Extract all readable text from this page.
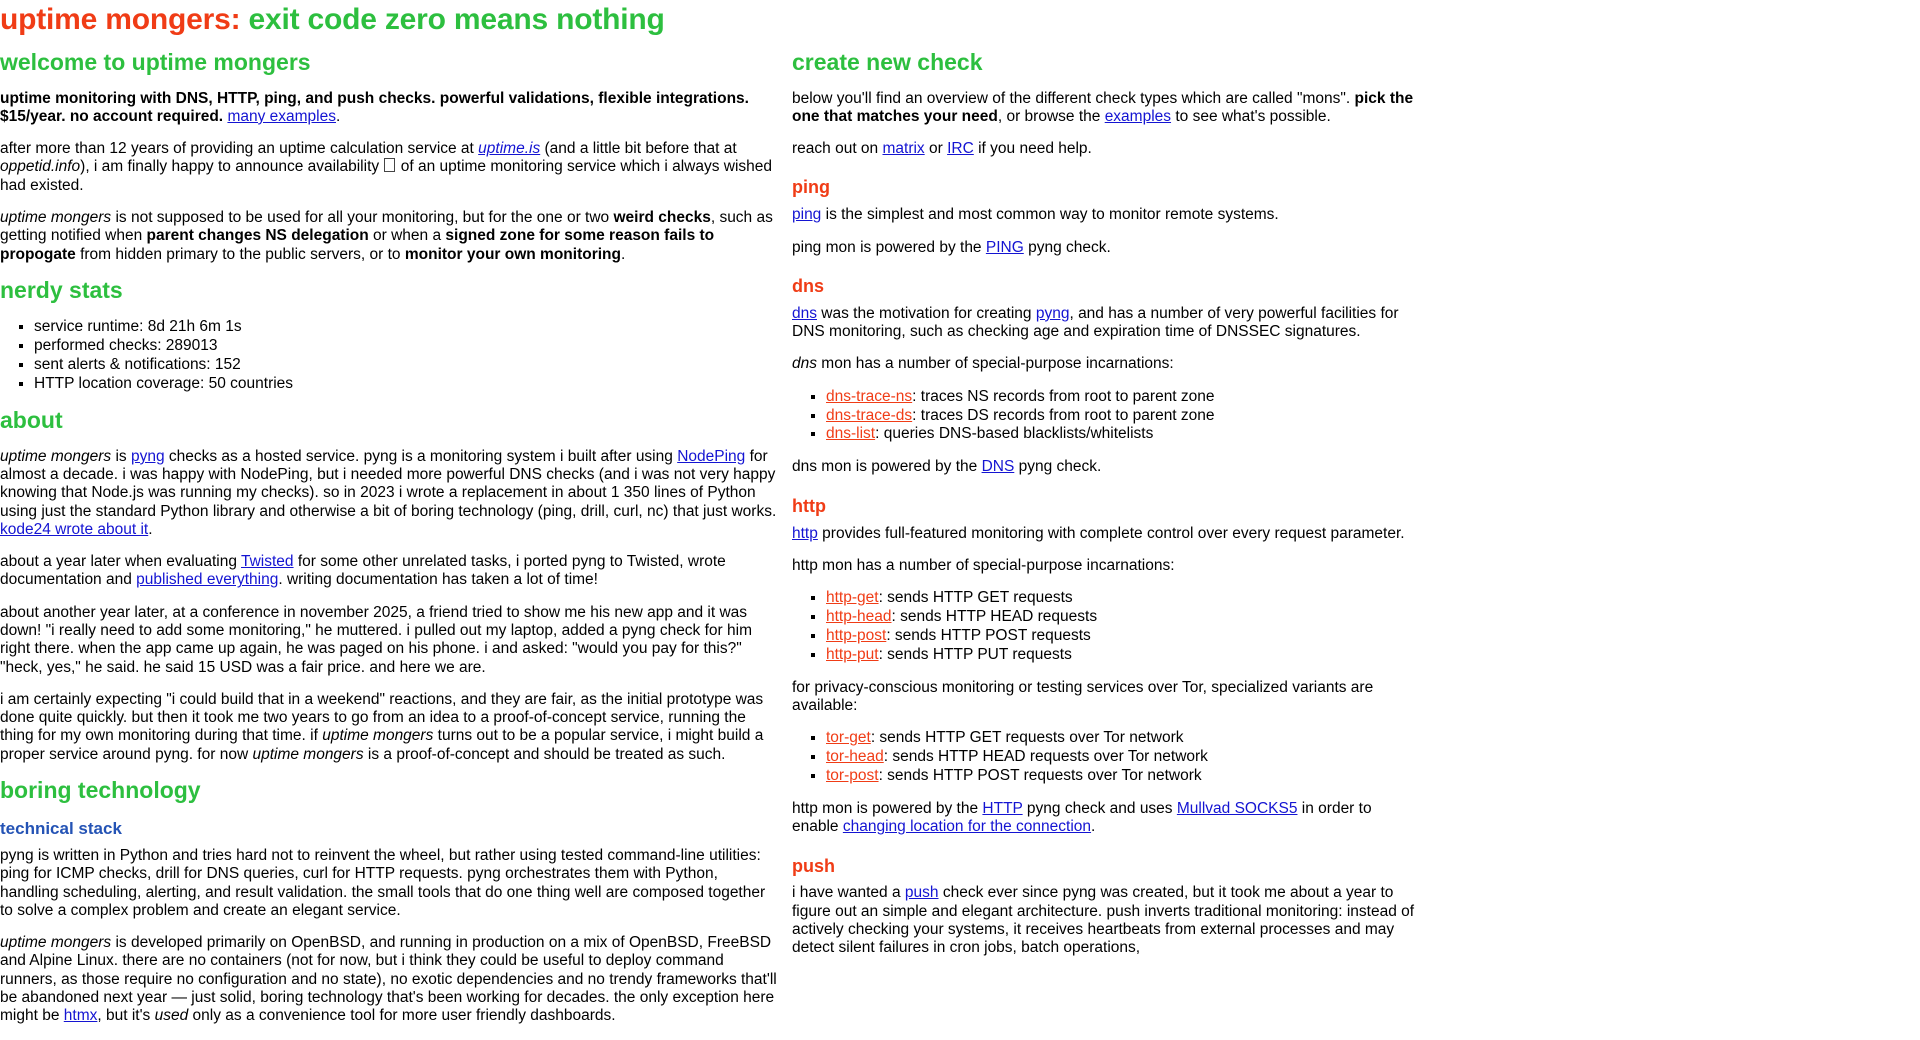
uptime mongers: exit code zero means nothing
welcome to uptime mongers

uptime monitoring with DNS, HTTP, ping, and push checks. powerful validations, flexible integrations. $15/year. no account required. many examples.

after more than 12 years of providing an uptime calculation service at uptime.is (and a little bit before that at oppetid.info), i am finally happy to announce availability  of an uptime monitoring service which i always wished had existed.

uptime mongers is not supposed to be used for all your monitoring, but for the one or two weird checks, such as getting notified when parent changes NS delegation or when a signed zone for some reason fails to propogate from hidden primary to the public servers, or to monitor your own monitoring.

nerdy stats
▪ service runtime: 8d 21h 6m 1s
▪ performed checks: 289013
▪ sent alerts & notifications: 152
▪ HTTP location coverage: 50 countries
about

uptime mongers is pyng checks as a hosted service. pyng is a monitoring system i built after using NodePing for almost a decade. i was happy with NodePing, but i needed more powerful DNS checks (and i was not very happy knowing that Node.js was running my checks). so in 2023 i wrote a replacement in about 1 350 lines of Python using just the standard Python library and otherwise a bit of boring technology (ping, drill, curl, nc) that just works. kode24 wrote about it.

about a year later when evaluating Twisted for some other unrelated tasks, i ported pyng to Twisted, wrote documentation and published everything. writing documentation has taken a lot of time!

about another year later, at a conference in november 2025, a friend tried to show me his new app and it was down! "i really need to add some monitoring," he muttered. i pulled out my laptop, added a pyng check for him right there. when the app came up again, he was paged on his phone. i and asked: "would you pay for this?" "heck, yes," he said. he said 15 USD was a fair price. and here we are.

i am certainly expecting "i could build that in a weekend" reactions, and they are fair, as the initial prototype was done quite quickly. but then it took me two years to go from an idea to a proof-of-concept service, running the thing for my own monitoring during that time. if uptime mongers turns out to be a popular service, i might build a proper service around pyng. for now uptime mongers is a proof-of-concept and should be treated as such.

boring technology
technical stack

pyng is written in Python and tries hard not to reinvent the wheel, but rather using tested command-line utilities: ping for ICMP checks, drill for DNS queries, curl for HTTP requests. pyng orchestrates them with Python, handling scheduling, alerting, and result validation. the small tools that do one thing well are composed together to solve a complex problem and create an elegant service.

uptime mongers is developed primarily on OpenBSD, and running in production on a mix of OpenBSD, FreeBSD and Alpine Linux. there are no containers (not for now, but i think they could be useful to deploy command runners, as those require no configuration and no state), no exotic dependencies and no trendy frameworks that'll be abandoned next year — just solid, boring technology that's been working for decades. the only exception here might be htmx, but it's used only as a convenience tool for more user friendly dashboards.

create new check

below you'll find an overview of the different check types which are called "mons". pick the one that matches your need, or browse the examples to see what's possible.

reach out on matrix or IRC if you need help.

ping

ping is the simplest and most common way to monitor remote systems.

ping mon is powered by the PING pyng check.

dns

dns was the motivation for creating pyng, and has a number of very powerful facilities for DNS monitoring, such as checking age and expiration time of DNSSEC signatures.

dns mon has a number of special-purpose incarnations:

▪ dns-trace-ns: traces NS records from root to parent zone
▪ dns-trace-ds: traces DS records from root to parent zone
▪ dns-list: queries DNS-based blacklists/whitelists

dns mon is powered by the DNS pyng check.

http

http provides full-featured monitoring with complete control over every request parameter.

http mon has a number of special-purpose incarnations:

▪ http-get: sends HTTP GET requests
▪ http-head: sends HTTP HEAD requests
▪ http-post: sends HTTP POST requests
▪ http-put: sends HTTP PUT requests

for privacy-conscious monitoring or testing services over Tor, specialized variants are available:

▪ tor-get: sends HTTP GET requests over Tor network
▪ tor-head: sends HTTP HEAD requests over Tor network
▪ tor-post: sends HTTP POST requests over Tor network

http mon is powered by the HTTP pyng check and uses Mullvad SOCKS5 in order to enable changing location for the connection.

push

i have wanted a push check ever since pyng was created, but it took me about a year to figure out an simple and elegant architecture. push inverts traditional monitoring: instead of actively checking your systems, it receives heartbeats from external processes and may detect silent failures in cron jobs, batch operations,
